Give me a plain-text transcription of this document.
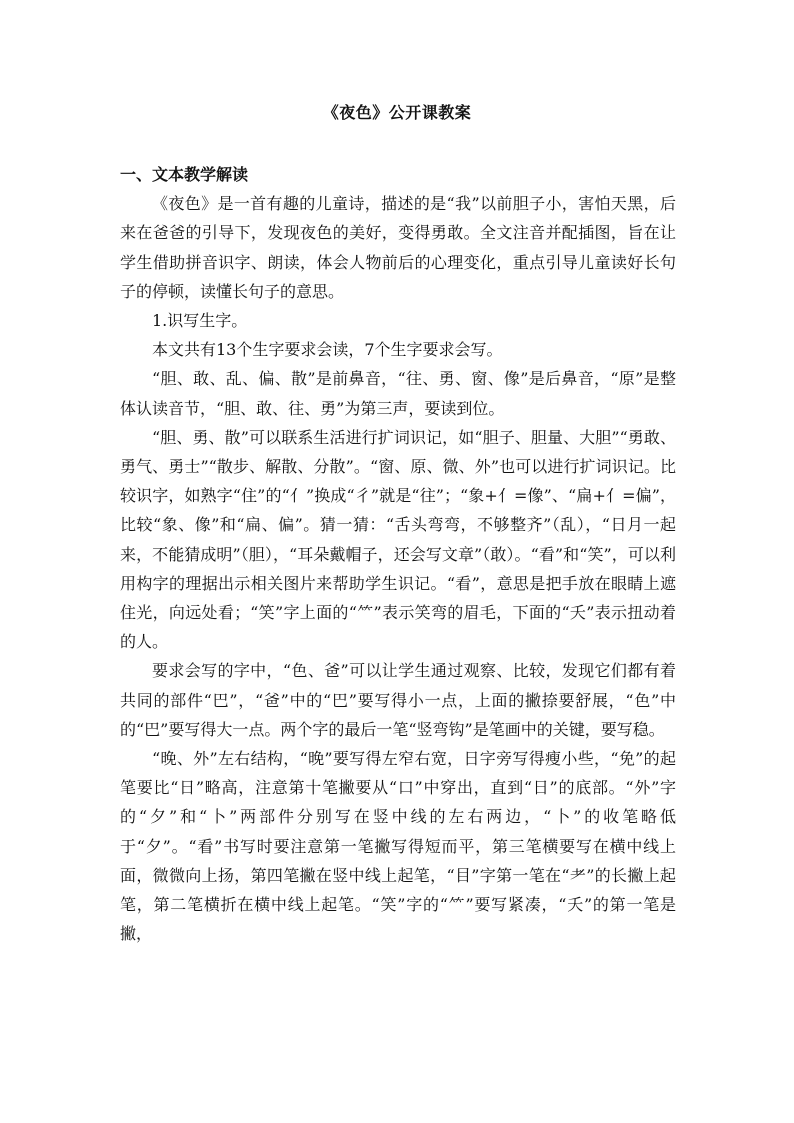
《夜色》公开课教案

一、文本教学解读

《夜色》是一首有趣的儿童诗，描述的是“我”以前胆子小，害怕天黑，后来在爸爸的引导下，发现夜色的美好，变得勇敢。全文注音并配插图，旨在让学生借助拼音识字、朗读，体会人物前后的心理变化，重点引导儿童读好长句子的停顿，读懂长句子的意思。

1.识写生字。

本文共有13个生字要求会读，7个生字要求会写。

“胆、敢、乱、偏、散”是前鼻音，“往、勇、窗、像”是后鼻音，“原”是整体认读音节，“胆、敢、往、勇”为第三声，要读到位。

“胆、勇、散”可以联系生活进行扩词识记，如“胆子、胆量、大胆”“勇敢、勇气、勇士”“散步、解散、分散”。“窗、原、微、外”也可以进行扩词识记。比较识字，如熟字“住”的“亻”换成“彳”就是“往”；“象+亻=像”、“扁+亻=偏”，比较“象、像”和“扁、偏”。猜一猜：“舌头弯弯，不够整齐”（乱），“日月一起来，不能猜成明”（胆），“耳朵戴帽子，还会写文章”（敢）。“看”和“笑”，可以利用构字的理据出示相关图片来帮助学生识记。“看”，意思是把手放在眼睛上遮住光，向远处看；“笑”字上面的“⺮”表示笑弯的眉毛，下面的“夭”表示扭动着的人。

要求会写的字中，“色、爸”可以让学生通过观察、比较，发现它们都有着共同的部件“巴”，“爸”中的“巴”要写得小一点，上面的撇捺要舒展，“色”中的“巴”要写得大一点。两个字的最后一笔“竖弯钩”是笔画中的关键，要写稳。

“晚、外”左右结构，“晚”要写得左窄右宽，日字旁写得瘦小些，“免”的起笔要比“日”略高，注意第十笔撇要从“口”中穿出，直到“日”的底部。“外”字的“夕”和“卜”两部件分别写在竖中线的左右两边，“卜”的收笔略低于“夕”。“看”书写时要注意第一笔撇写得短而平，第三笔横要写在横中线上面，微微向上扬，第四笔撇在竖中线上起笔，“目”字第一笔在“⺹”的长撇上起笔，第二笔横折在横中线上起笔。“笑”字的“⺮”要写紧凑，“夭”的第一笔是撇，
